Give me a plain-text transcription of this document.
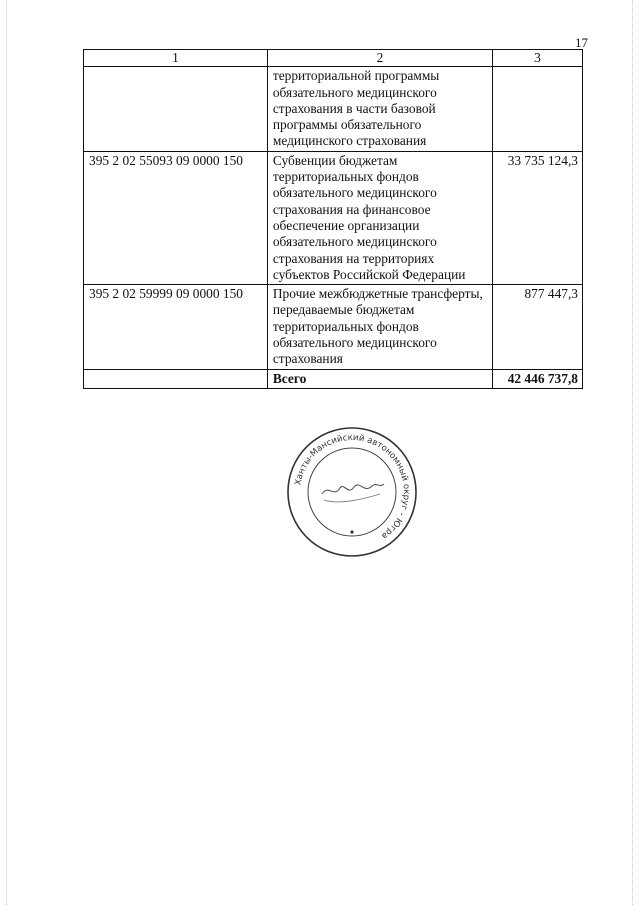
17
1	2	3
	территориальной программы обязательного медицинского страхования в части базовой программы обязательного медицинского страхования	
395 2 02 55093 09 0000 150	Субвенции бюджетам территориальных фондов обязательного медицинского страхования на финансовое обеспечение организации обязательного медицинского страхования на территориях субъектов Российской Федерации	33 735 124,3
395 2 02 59999 09 0000 150	Прочие межбюджетные трансферты, передаваемые бюджетам территориальных фондов обязательного медицинского страхования	877 447,3
	Всего	42 446 737,8
Ханты-Мансийский автономный округ - Югра
